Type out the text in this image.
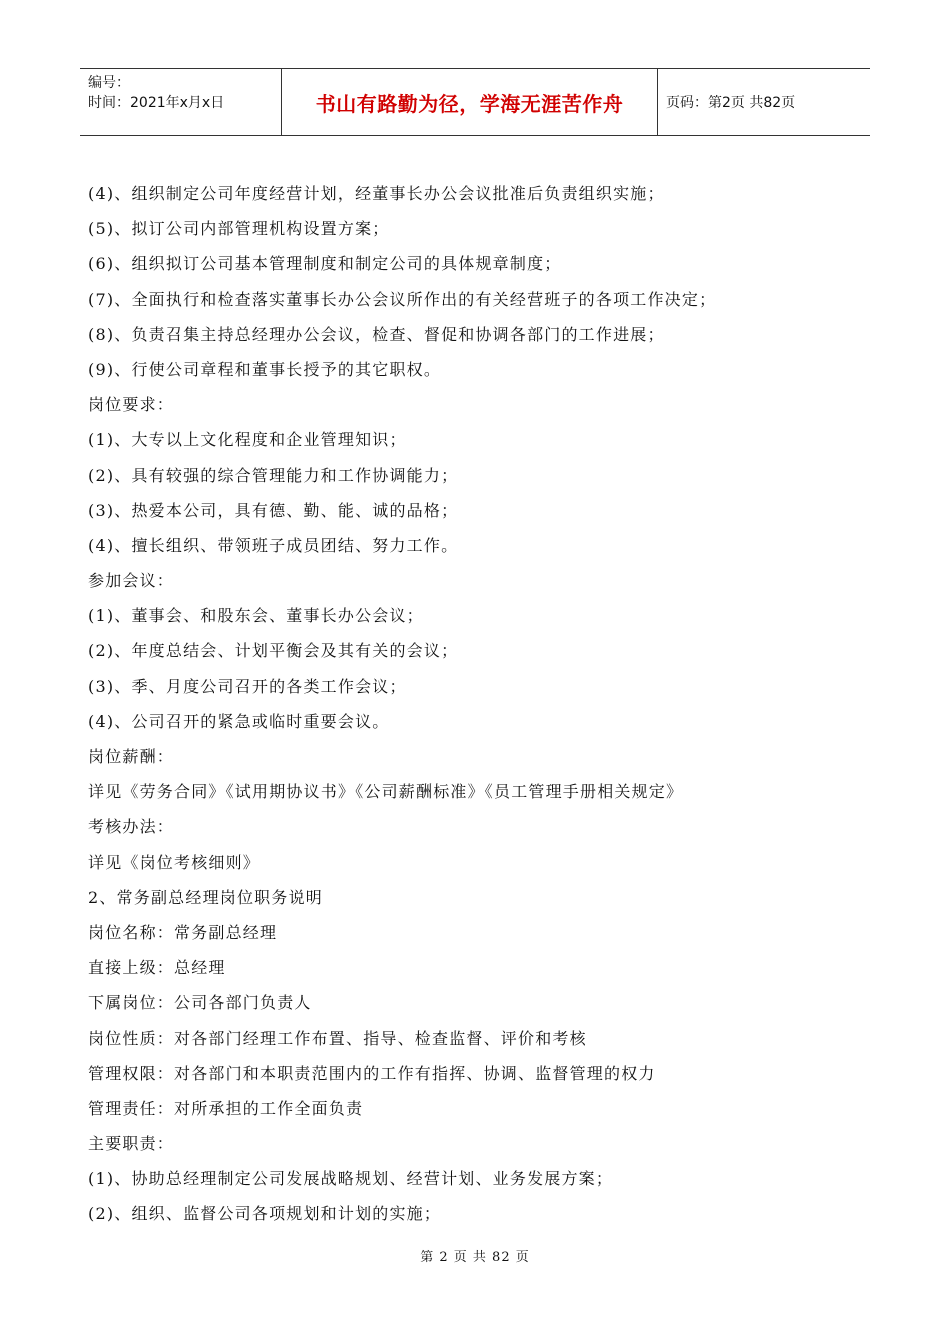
编号：
时间：2021年x月x日	书山有路勤为径，学海无涯苦作舟	页码：第2页 共82页
(4)、组织制定公司年度经营计划，经董事长办公会议批准后负责组织实施；
(5)、拟订公司内部管理机构设置方案；
(6)、组织拟订公司基本管理制度和制定公司的具体规章制度；
(7)、全面执行和检查落实董事长办公会议所作出的有关经营班子的各项工作决定；
(8)、负责召集主持总经理办公会议，检查、督促和协调各部门的工作进展；
(9)、行使公司章程和董事长授予的其它职权。
岗位要求：
(1)、大专以上文化程度和企业管理知识；
(2)、具有较强的综合管理能力和工作协调能力；
(3)、热爱本公司，具有德、勤、能、诚的品格；
(4)、擅长组织、带领班子成员团结、努力工作。
参加会议：
(1)、董事会、和股东会、董事长办公会议；
(2)、年度总结会、计划平衡会及其有关的会议；
(3)、季、月度公司召开的各类工作会议；
(4)、公司召开的紧急或临时重要会议。
岗位薪酬：
详见《劳务合同》《试用期协议书》《公司薪酬标准》《员工管理手册相关规定》
考核办法：
详见《岗位考核细则》
2、常务副总经理岗位职务说明
岗位名称：常务副总经理
直接上级：总经理
下属岗位：公司各部门负责人
岗位性质：对各部门经理工作布置、指导、检查监督、评价和考核
管理权限：对各部门和本职责范围内的工作有指挥、协调、监督管理的权力
管理责任：对所承担的工作全面负责
主要职责：
(1)、协助总经理制定公司发展战略规划、经营计划、业务发展方案；
(2)、组织、监督公司各项规划和计划的实施；
第 2 页 共 82 页
